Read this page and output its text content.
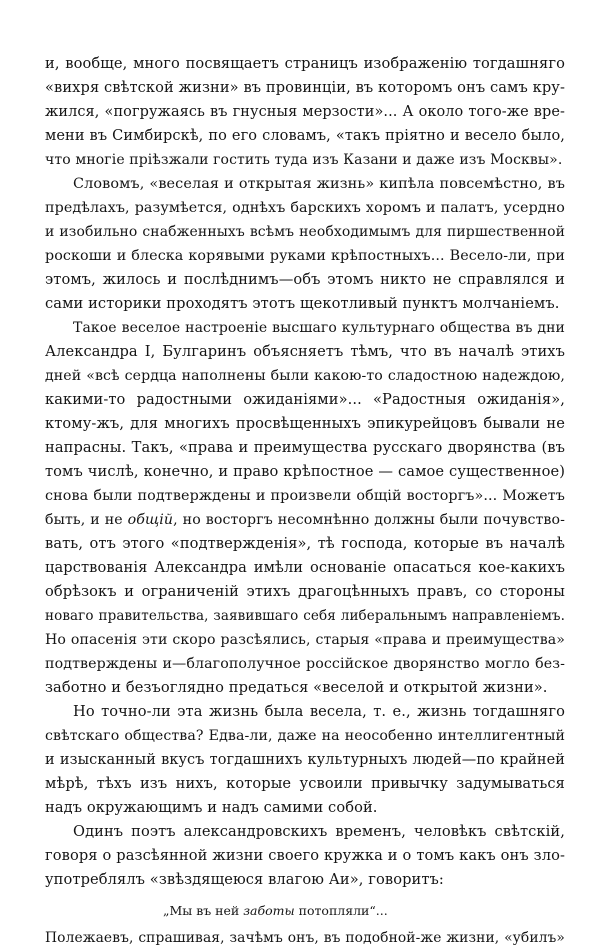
и, вообще, много посвящаетъ страницъ изображенію тогдашняго
«вихря свѣтской жизни» въ провинціи, въ которомъ онъ самъ кру-
жился, «погружаясь въ гнусныя мерзости»... А около того-же вре-
мени въ Симбирскѣ, по его словамъ, «такъ пріятно и весело было,
что многіе пріѣзжали гостить туда изъ Казани и даже изъ Москвы».
Словомъ, «веселая и открытая жизнь» кипѣла повсемѣстно, въ
предѣлахъ, разумѣется, однѣхъ барскихъ хоромъ и палатъ, усердно
и изобильно снабженныхъ всѣмъ необходимымъ для пиршественной
роскоши и блеска корявыми руками крѣпостныхъ... Весело-ли, при
этомъ, жилось и послѣднимъ—объ этомъ никто не справлялся и
сами историки проходятъ этотъ щекотливый пунктъ молчаніемъ.
Такое веселое настроеніе высшаго культурнаго общества въ дни
Александра I, Булгаринъ объясняетъ тѣмъ, что въ началѣ этихъ
дней «всѣ сердца наполнены были какою-то сладостною надеждою,
какими-то радостными ожиданіями»... «Радостныя ожиданія»,
ктому-жъ, для многихъ просвѣщенныхъ эпикурейцовъ бывали не
напрасны. Такъ, «права и преимущества русскаго дворянства (въ
томъ числѣ, конечно, и право крѣпостное — самое существенное)
снова были подтверждены и произвели общій восторгъ»... Можетъ
быть, и не общій, но восторгъ несомнѣнно должны были почувство-
вать, отъ этого «подтвержденія», тѣ господа, которые въ началѣ
царствованія Александра имѣли основаніе опасаться кое-какихъ
обрѣзокъ и ограниченій этихъ драгоцѣнныхъ правъ, со стороны
новаго правительства, заявившаго себя либеральнымъ направленіемъ.
Но опасенія эти скоро разсѣялись, старыя «права и преимущества»
подтверждены и—благополучное россійское дворянство могло без-
заботно и безъоглядно предаться «веселой и открытой жизни».
Но точно-ли эта жизнь была весела, т. е., жизнь тогдашняго
свѣтскаго общества? Едва-ли, даже на неособенно интеллигентный
и изысканный вкусъ тогдашнихъ культурныхъ людей—по крайней
мѣрѣ, тѣхъ изъ нихъ, которые усвоили привычку задумываться
надъ окружающимъ и надъ самими собой.
Одинъ поэтъ александровскихъ временъ, человѣкъ свѣтскій,
говоря о разсѣянной жизни своего кружка и о томъ какъ онъ зло-
употреблялъ «звѣздящеюся влагою Аи», говоритъ:
„Мы въ ней заботы потопляли“...
Полежаевъ, спрашивая, зачѣмъ онъ, въ подобной-же жизни, «убилъ»
